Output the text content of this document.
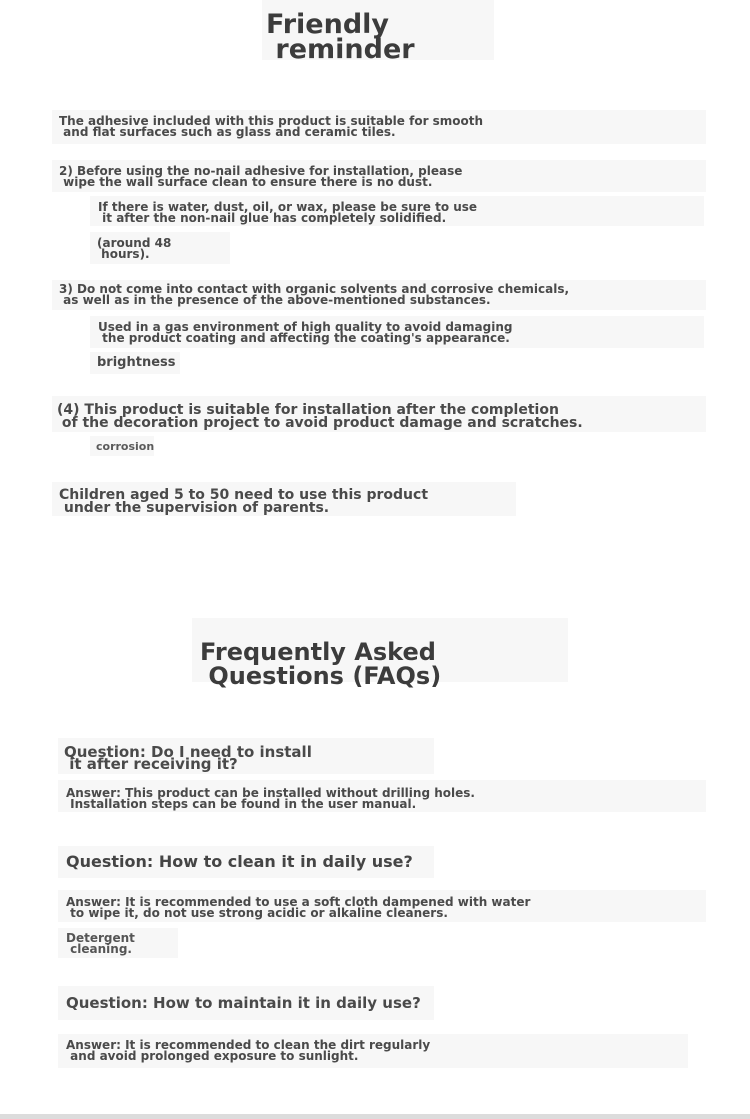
Friendly
reminder
The adhesive included with this product is suitable for smooth
and flat surfaces such as glass and ceramic tiles.
2) Before using the no-nail adhesive for installation, please
wipe the wall surface clean to ensure there is no dust.
If there is water, dust, oil, or wax, please be sure to use
it after the non-nail glue has completely solidified.
(around 48
hours).
3) Do not come into contact with organic solvents and corrosive chemicals,
as well as in the presence of the above-mentioned substances.
Used in a gas environment of high quality to avoid damaging
the product coating and affecting the coating's appearance.
brightness
(4) This product is suitable for installation after the completion
of the decoration project to avoid product damage and scratches.
corrosion
Children aged 5 to 50 need to use this product
under the supervision of parents.
Frequently Asked
Questions (FAQs)
Question: Do I need to install
it after receiving it?
Answer: This product can be installed without drilling holes.
Installation steps can be found in the user manual.
Question: How to clean it in daily use?
Answer: It is recommended to use a soft cloth dampened with water
to wipe it, do not use strong acidic or alkaline cleaners.
Detergent
cleaning.
Question: How to maintain it in daily use?
Answer: It is recommended to clean the dirt regularly
and avoid prolonged exposure to sunlight.
